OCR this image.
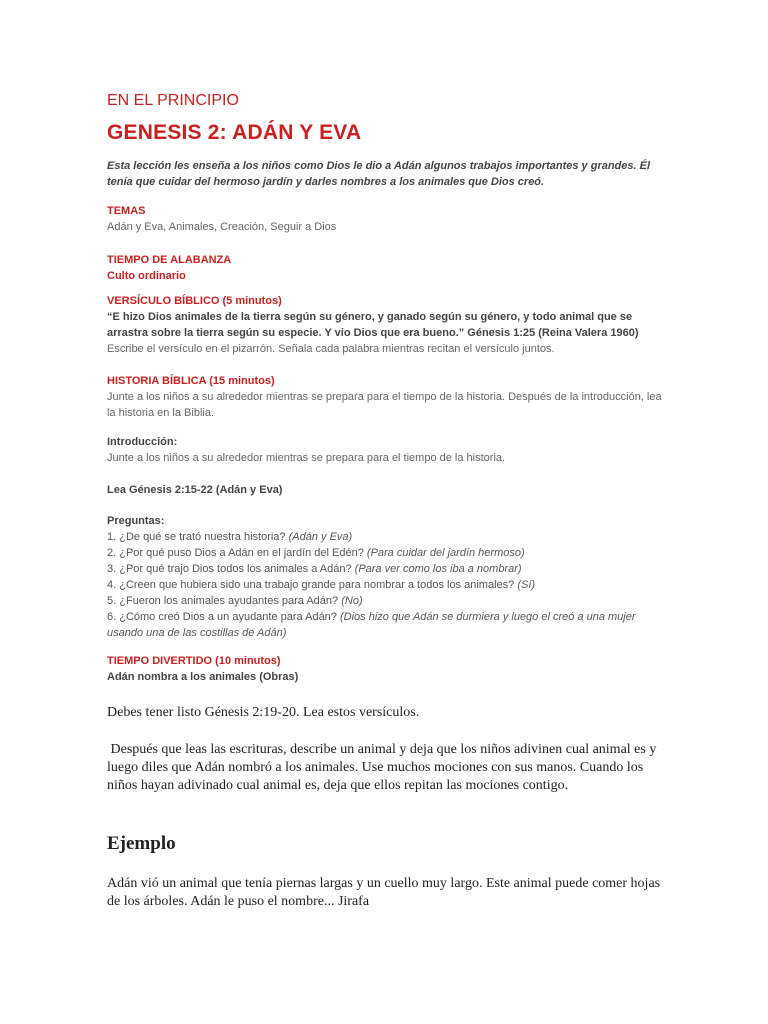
EN EL PRINCIPIO
GENESIS 2: ADÁN Y EVA

Esta lección les enseña a los niños como Dios le dio a Adán algunos trabajos importantes y grandes. Él tenía que cuidar del hermoso jardín y darles nombres a los animales que Dios creó.

TEMAS
Adán y Eva, Animales, Creación, Seguir a Dios
TIEMPO DE ALABANZA
Culto ordinario
VERSÍCULO BÍBLICO (5 minutos)
“E hizo Dios animales de la tierra según su género, y ganado según su género, y todo animal que se arrastra sobre la tierra según su especie. Y vio Dios que era bueno.” Génesis 1:25 (Reina Valera 1960)
Escribe el versículo en el pizarrón. Señala cada palabra mientras recitan el versículo juntos.
HISTORIA BÍBLICA (15 minutos)
Junte a los niños a su alrededor mientras se prepara para el tiempo de la historia. Después de la introducción, lea la historia en la Biblia.
Introducción:
Junte a los niños a su alrededor mientras se prepara para el tiempo de la historia.
Lea Génesis 2:15-22 (Adán y Eva)
Preguntas:
1. ¿De qué se trató nuestra historia? (Adán y Eva)
2. ¿Por qué puso Dios a Adán en el jardín del Edén? (Para cuidar del jardín hermoso)
3. ¿Por qué trajo Dios todos los animales a Adán? (Para ver como los iba a nombrar)
4. ¿Creen que hubiera sido una trabajo grande para nombrar a todos los animales? (Sí)
5. ¿Fueron los animales ayudantes para Adán? (No)
6. ¿Cómo creó Dios a un ayudante para Adán? (Dios hizo que Adán se durmiera y luego el creó a una mujer usando una de las costillas de Adán)
TIEMPO DIVERTIDO (10 minutos)
Adán nombra a los animales (Obras)

Debes tener listo Génesis 2:19-20. Lea estos versículos.

Después que leas las escrituras, describe un animal y deja que los niños adivinen cual animal es y luego diles que Adán nombró a los animales. Use muchos mociones con sus manos. Cuando los niños hayan adivinado cual animal es, deja que ellos repitan las mociones contigo.

Ejemplo

Adán vió un animal que tenía piernas largas y un cuello muy largo. Este animal puede comer hojas de los árboles. Adán le puso el nombre... Jirafa
